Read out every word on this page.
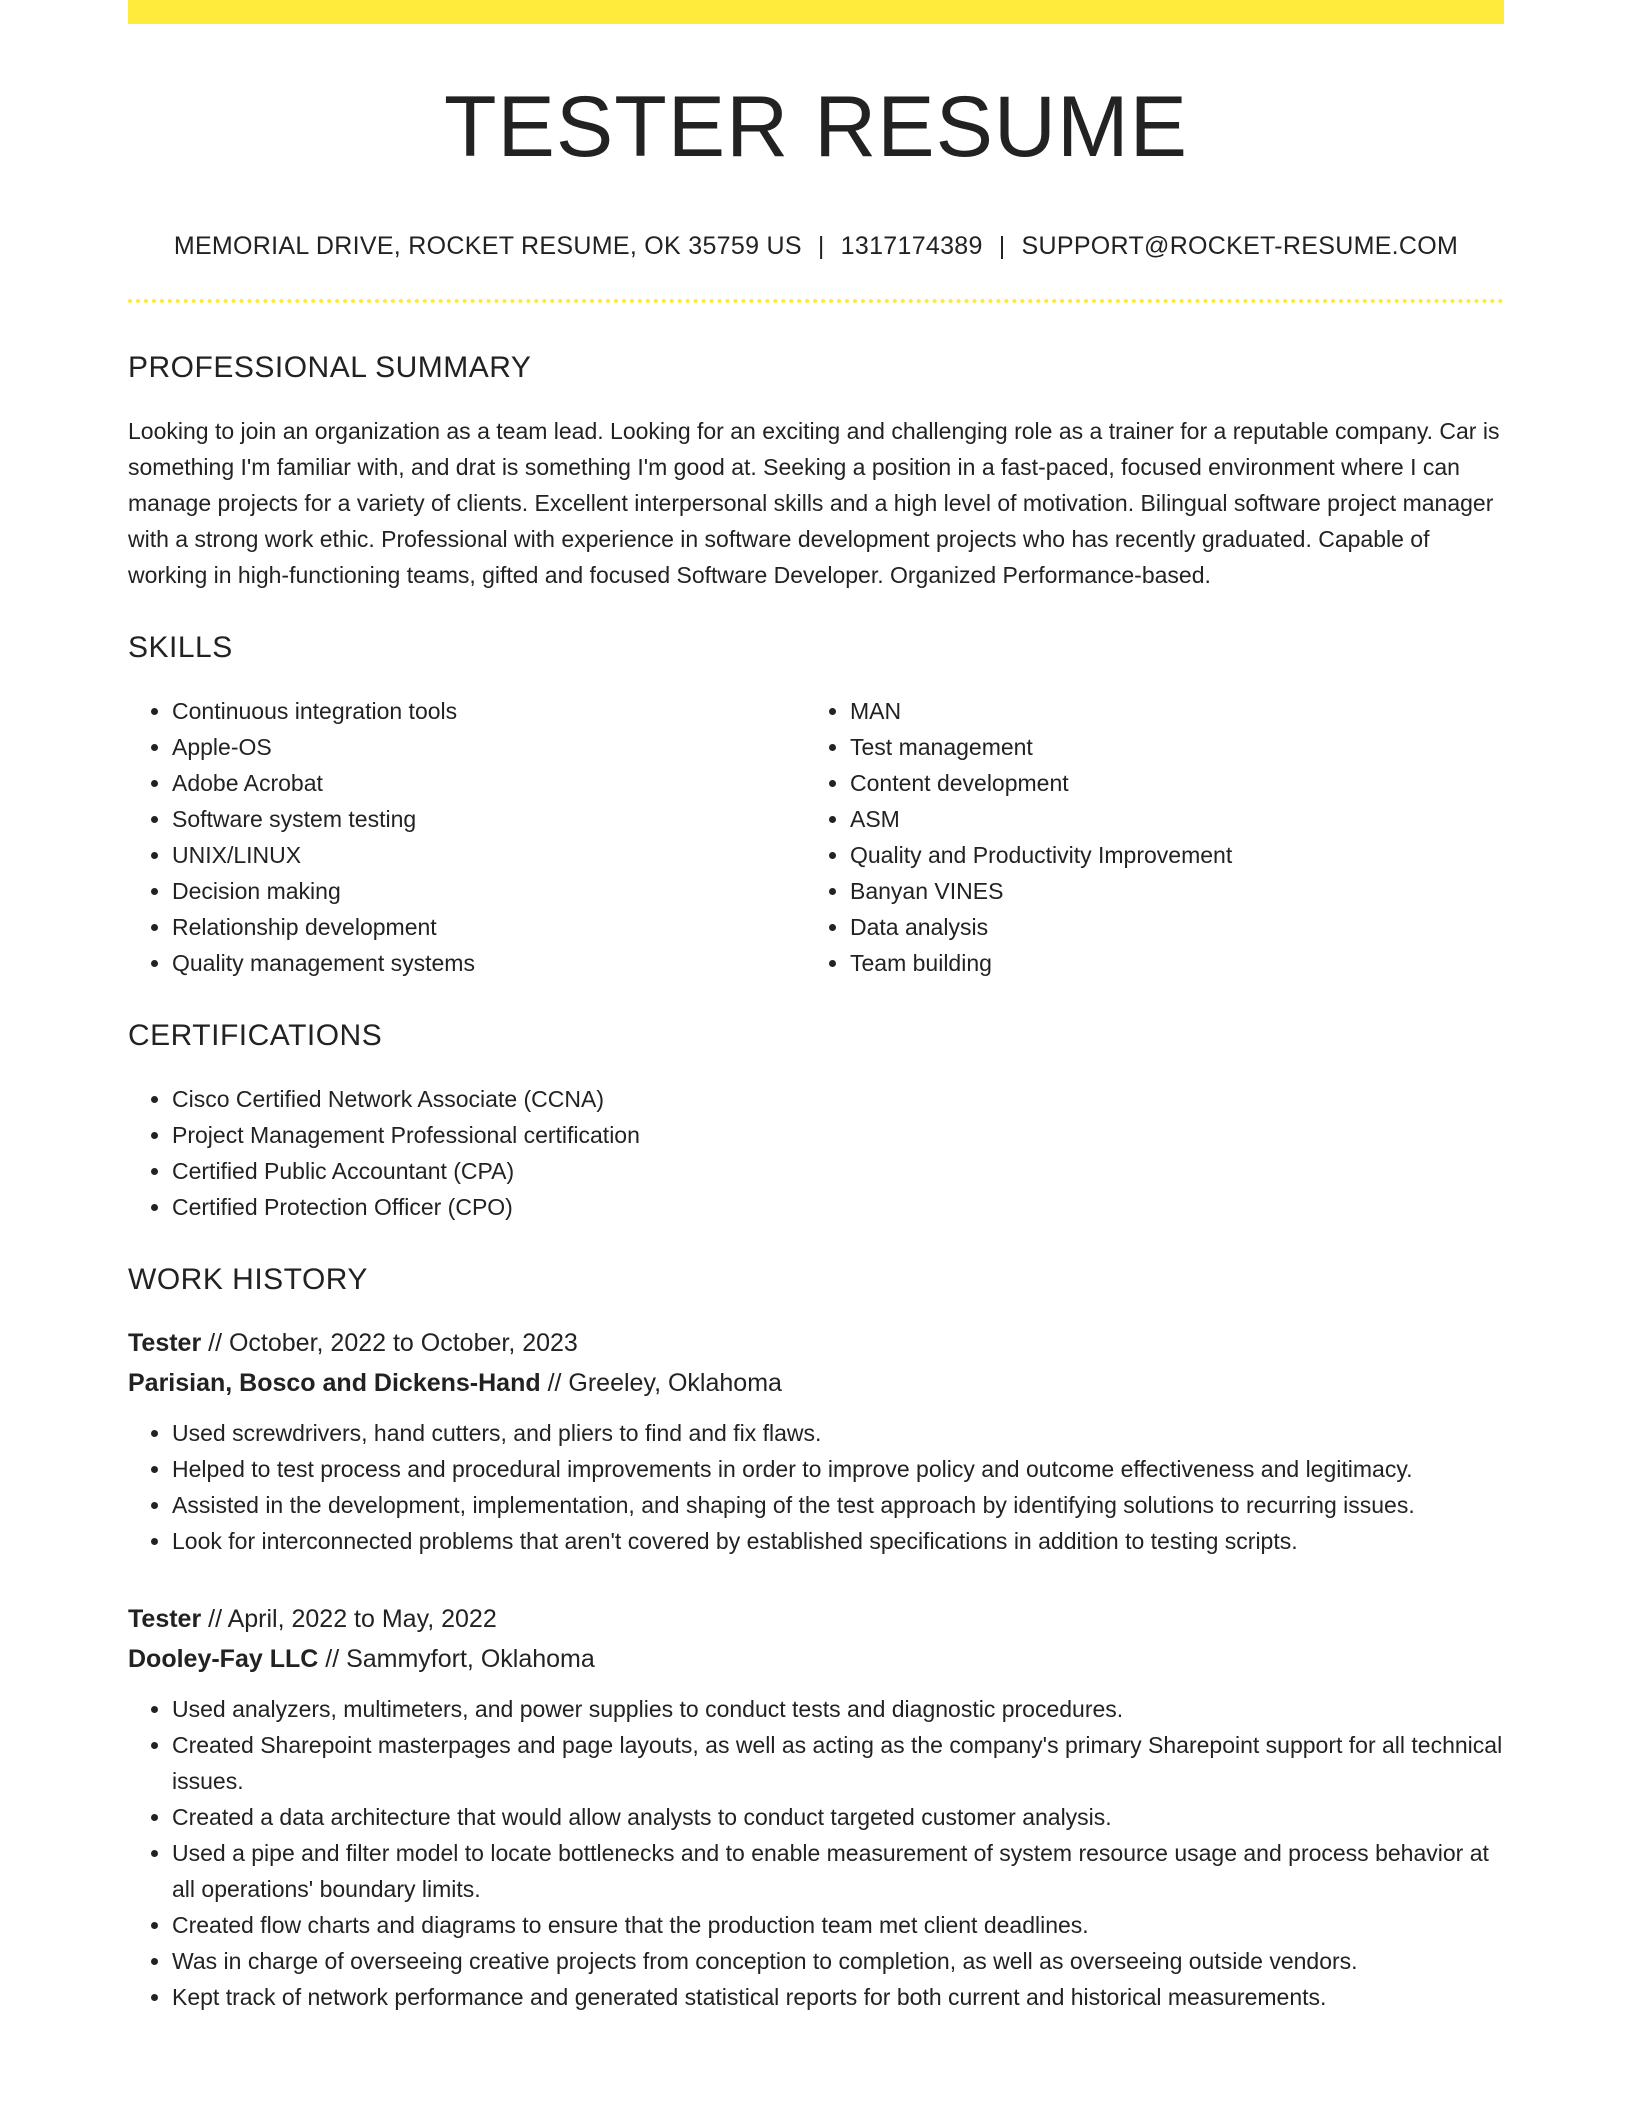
TESTER RESUME
MEMORIAL DRIVE, ROCKET RESUME, OK 35759 US | 1317174389 | SUPPORT@ROCKET-RESUME.COM
PROFESSIONAL SUMMARY
Looking to join an organization as a team lead. Looking for an exciting and challenging role as a trainer for a reputable company. Car is something I'm familiar with, and drat is something I'm good at. Seeking a position in a fast-paced, focused environment where I can manage projects for a variety of clients. Excellent interpersonal skills and a high level of motivation. Bilingual software project manager with a strong work ethic. Professional with experience in software development projects who has recently graduated. Capable of working in high-functioning teams, gifted and focused Software Developer. Organized Performance-based.
SKILLS
• Continuous integration tools
• Apple-OS
• Adobe Acrobat
• Software system testing
• UNIX/LINUX
• Decision making
• Relationship development
• Quality management systems
• MAN
• Test management
• Content development
• ASM
• Quality and Productivity Improvement
• Banyan VINES
• Data analysis
• Team building
CERTIFICATIONS
• Cisco Certified Network Associate (CCNA)
• Project Management Professional certification
• Certified Public Accountant (CPA)
• Certified Protection Officer (CPO)
WORK HISTORY
Tester // October, 2022 to October, 2023
Parisian, Bosco and Dickens-Hand // Greeley, Oklahoma
• Used screwdrivers, hand cutters, and pliers to find and fix flaws.
• Helped to test process and procedural improvements in order to improve policy and outcome effectiveness and legitimacy.
• Assisted in the development, implementation, and shaping of the test approach by identifying solutions to recurring issues.
• Look for interconnected problems that aren't covered by established specifications in addition to testing scripts.
Tester // April, 2022 to May, 2022
Dooley-Fay LLC // Sammyfort, Oklahoma
• Used analyzers, multimeters, and power supplies to conduct tests and diagnostic procedures.
• Created Sharepoint masterpages and page layouts, as well as acting as the company's primary Sharepoint support for all technical issues.
• Created a data architecture that would allow analysts to conduct targeted customer analysis.
• Used a pipe and filter model to locate bottlenecks and to enable measurement of system resource usage and process behavior at all operations' boundary limits.
• Created flow charts and diagrams to ensure that the production team met client deadlines.
• Was in charge of overseeing creative projects from conception to completion, as well as overseeing outside vendors.
• Kept track of network performance and generated statistical reports for both current and historical measurements.
